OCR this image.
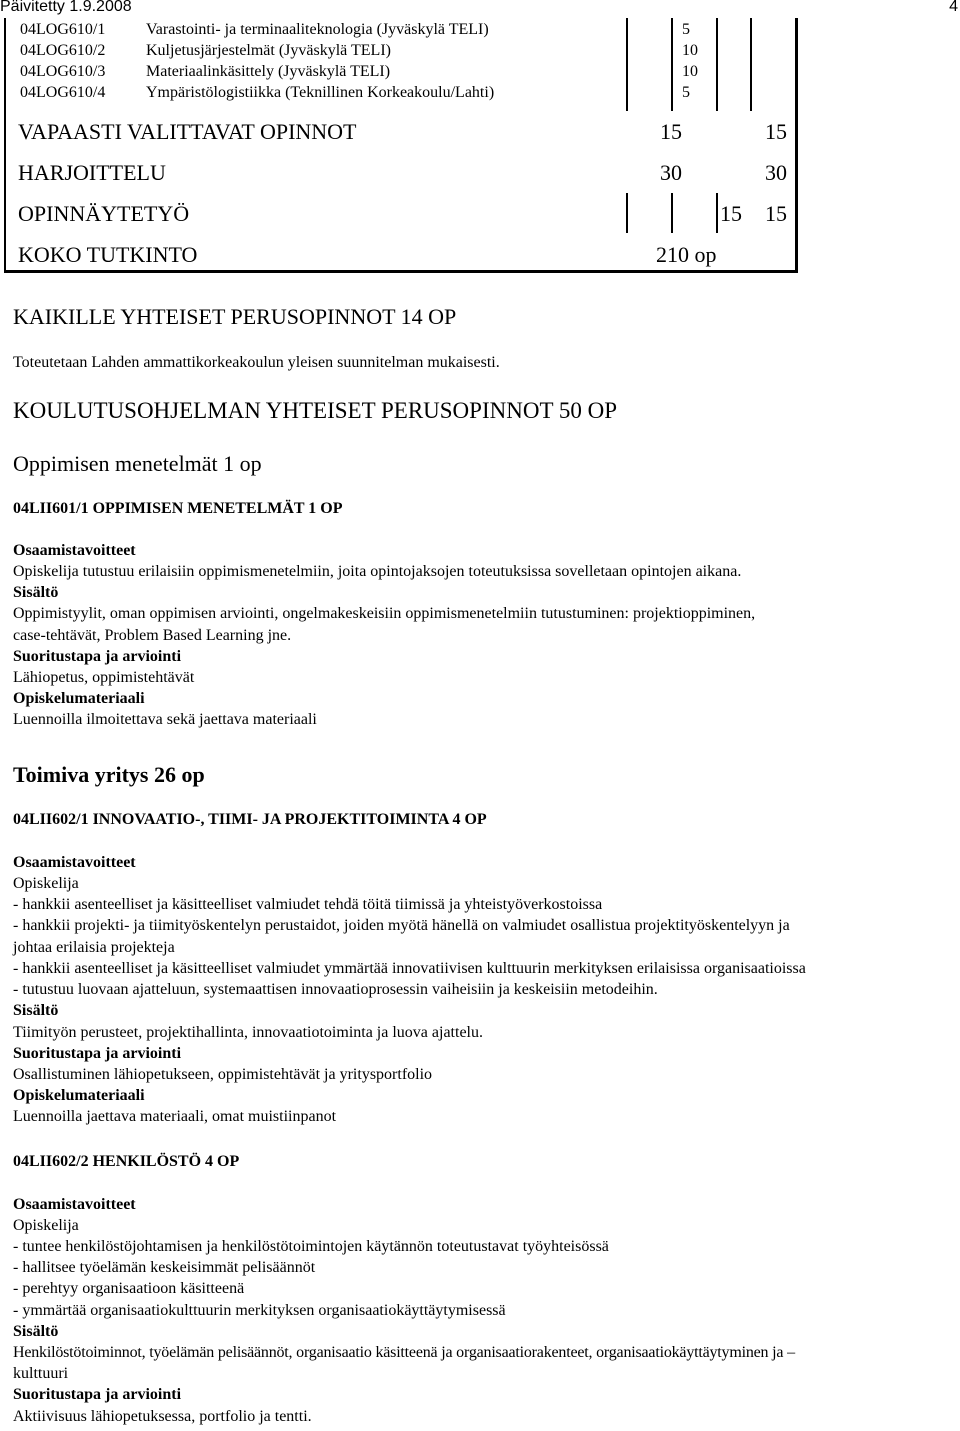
Päivitetty 1.9.2008	4
04LOG610/1	Varastointi- ja terminaaliteknologia (Jyväskylä TELI)	5
04LOG610/2	Kuljetusjärjestelmät (Jyväskylä TELI)	10
04LOG610/3	Materiaalinkäsittely (Jyväskylä TELI)	10
04LOG610/4	Ympäristölogistiikka (Teknillinen Korkeakoulu/Lahti)	5
VAPAASTI VALITTAVAT OPINNOT	15	15
HARJOITTELU	30	30
OPINNÄYTETYÖ	15 15
KOKO TUTKINTO	210 op
KAIKILLE YHTEISET PERUSOPINNOT 14 OP
Toteutetaan Lahden ammattikorkeakoulun yleisen suunnitelman mukaisesti.
KOULUTUSOHJELMAN YHTEISET PERUSOPINNOT 50 OP
Oppimisen menetelmät 1 op
04LII601/1 OPPIMISEN MENETELMÄT 1 OP
Osaamistavoitteet
Opiskelija tutustuu erilaisiin oppimismenetelmiin, joita opintojaksojen toteutuksissa sovelletaan opintojen aikana.
Sisältö
Oppimistyylit, oman oppimisen arviointi, ongelmakeskeisiin oppimismenetelmiin tutustuminen: projektioppiminen,
case-tehtävät, Problem Based Learning jne.
Suoritustapa ja arviointi
Lähiopetus, oppimistehtävät
Opiskelumateriaali
Luennoilla ilmoitettava sekä jaettava materiaali
Toimiva yritys 26 op
04LII602/1 INNOVAATIO-, TIIMI- JA PROJEKTITOIMINTA 4 OP
Osaamistavoitteet
Opiskelija
- hankkii asenteelliset ja käsitteelliset valmiudet tehdä töitä tiimissä ja yhteistyöverkostoissa
- hankkii projekti- ja tiimityöskentelyn perustaidot, joiden myötä hänellä on valmiudet osallistua projektityöskentelyyn ja
johtaa erilaisia projekteja
- hankkii asenteelliset ja käsitteelliset valmiudet ymmärtää innovatiivisen kulttuurin merkityksen erilaisissa organisaatioissa
- tutustuu luovaan ajatteluun, systemaattisen innovaatioprosessin vaiheisiin ja keskeisiin metodeihin.
Sisältö
Tiimityön perusteet, projektihallinta, innovaatiotoiminta ja luova ajattelu.
Suoritustapa ja arviointi
Osallistuminen lähiopetukseen, oppimistehtävät ja yritysportfolio
Opiskelumateriaali
Luennoilla jaettava materiaali, omat muistiinpanot
04LII602/2 HENKILÖSTÖ 4 OP
Osaamistavoitteet
Opiskelija
- tuntee henkilöstöjohtamisen ja henkilöstötoimintojen käytännön toteutustavat työyhteisössä
- hallitsee työelämän keskeisimmät pelisäännöt
- perehtyy organisaatioon käsitteenä
- ymmärtää organisaatiokulttuurin merkityksen organisaatiokäyttäytymisessä
Sisältö
Henkilöstötoiminnot, työelämän pelisäännöt, organisaatio käsitteenä ja organisaatiorakenteet, organisaatiokäyttäytyminen ja –
kulttuuri
Suoritustapa ja arviointi
Aktiivisuus lähiopetuksessa, portfolio ja tentti.
